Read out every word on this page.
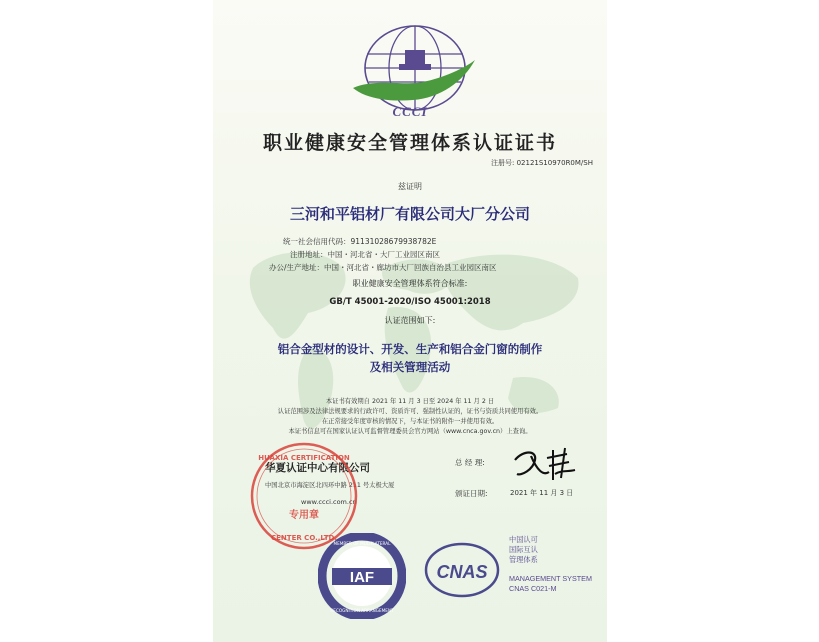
CCCI
职业健康安全管理体系认证证书
注册号: 02121S10970R0M/SH
兹证明
三河和平铝材厂有限公司大厂分公司
统一社会信用代码：9113102867993878​2E
注册地址：中国・河北省・大厂工业园区南区
办公/生产地址：中国・河北省・廊坊市大厂回族自治县工业园区南区
职业健康安全管理体系符合标准:
GB/T 45001-2020/ISO 45001:2018
认证范围如下:
铝合金型材的设计、开发、生产和铝合金门窗的制作
及相关管理活动
本证书有效期自 2021 年 11 月 3 日至 2024 年 11 月 2 日
认证范围涉及法律法规要求的行政许可、资质许可、强制性认证的，证书与资质共同使用有效。
在正常接受年度审核的情况下，与本证书的附件一并使用有效。
本证书信息可在国家认证认可监督管理委员会官方网站（www.cnca.gov.cn）上查询。
华夏认证中心有限公司
中国北京市海淀区北四环中路 211 号太极大厦
www.ccci.com.cn
总 经 理:
颁证日期:	2021 年 11 月 3 日
HUAXIA CERTIFICATION
CENTER CO.,LTD.
专用章
IAF
MEMBER OF MULTILATERAL
RECOGNITION ARRANGEMENT
CNAS
中国认可
国际互认
管理体系
MANAGEMENT SYSTEM
CNAS C021-M
